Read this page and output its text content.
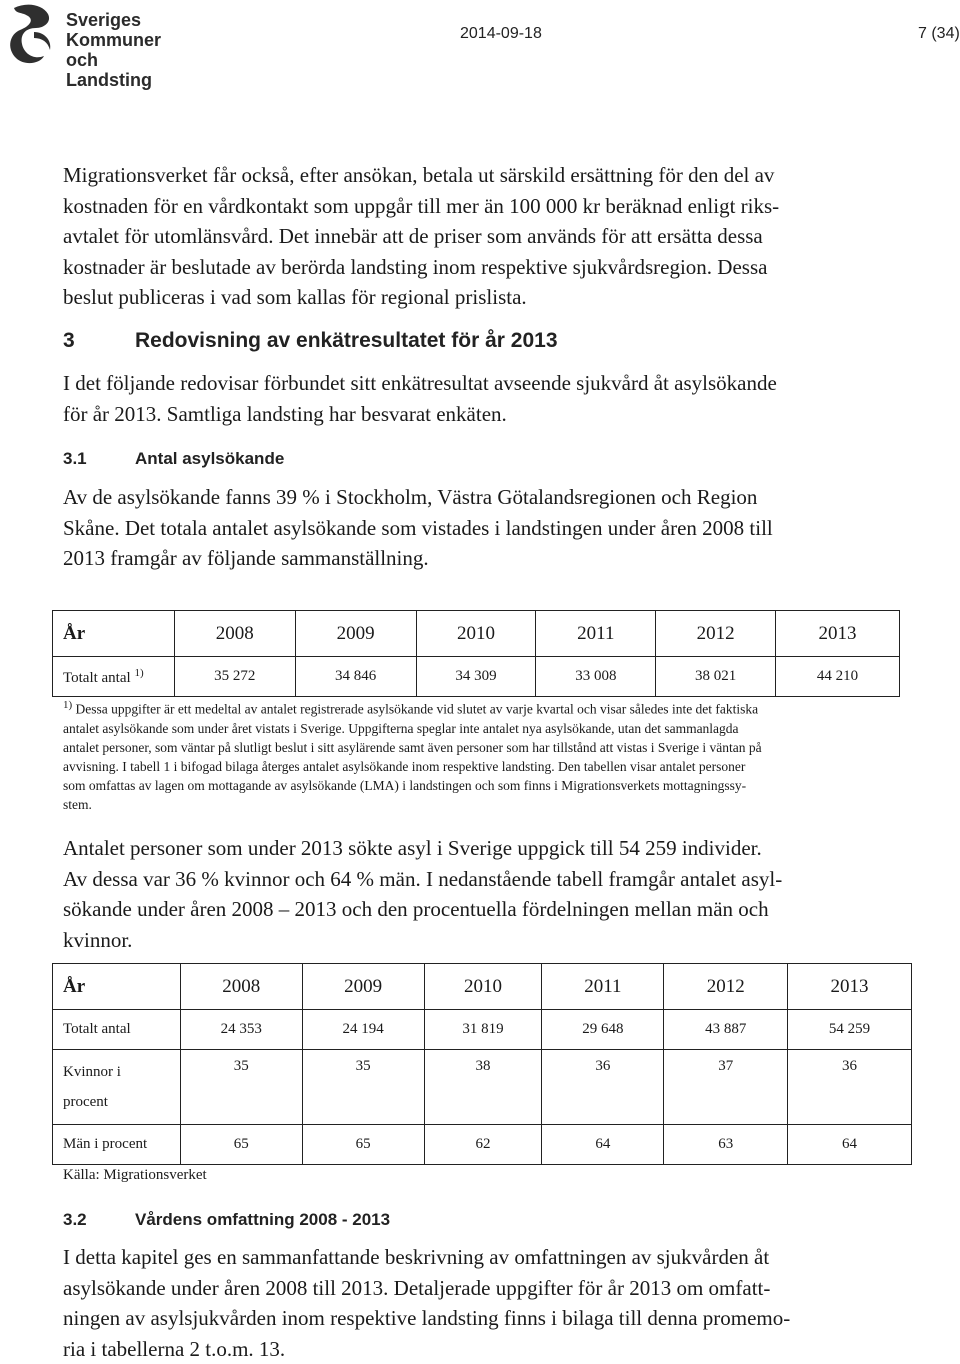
Sveriges
Kommuner
och Landsting
2014-09-18	7 (34)
Migrationsverket får också, efter ansökan, betala ut särskild ersättning för den del av
kostnaden för en vårdkontakt som uppgår till mer än 100 000 kr beräknad enligt riks-
avtalet för utomlänsvård. Det innebär att de priser som används för att ersätta dessa
kostnader är beslutade av berörda landsting inom respektive sjukvårdsregion. Dessa
beslut publiceras i vad som kallas för regional prislista.
3	Redovisning av enkätresultatet för år 2013
I det följande redovisar förbundet sitt enkätresultat avseende sjukvård åt asylsökande
för år 2013. Samtliga landsting har besvarat enkäten.
3.1	Antal asylsökande
Av de asylsökande fanns 39 % i Stockholm, Västra Götalandsregionen och Region
Skåne. Det totala antalet asylsökande som vistades i landstingen under åren 2008 till
2013 framgår av följande sammanställning.
År	2008	2009	2010	2011	2012	2013
Totalt antal $^{1)}$	35 272	34 846	34 309	33 008	38 021	44 210
$^{1)}$ Dessa uppgifter är ett medeltal av antalet registrerade asylsökande vid slutet av varje kvartal och visar således inte det faktiska
antalet asylsökande som under året vistats i Sverige. Uppgifterna speglar inte antalet nya asylsökande, utan det sammanlagda
antalet personer, som väntar på slutligt beslut i sitt asylärende samt även personer som har tillstånd att vistas i Sverige i väntan på
avvisning. I tabell 1 i bifogad bilaga återges antalet asylsökande inom respektive landsting. Den tabellen visar antalet personer
som omfattas av lagen om mottagande av asylsökande (LMA) i landstingen och som finns i Migrationsverkets mottagningssy-
stem.
Antalet personer som under 2013 sökte asyl i Sverige uppgick till 54 259 individer.
Av dessa var 36 % kvinnor och 64 % män. I nedanstående tabell framgår antalet asyl-
sökande under åren 2008 – 2013 och den procentuella fördelningen mellan män och
kvinnor.
År	2008	2009	2010	2011	2012	2013
Totalt antal	24 353	24 194	31 819	29 648	43 887	54 259
Kvinnor i
procent	35	35	38	36	37	36
Män i procent	65	65	62	64	63	64
Källa: Migrationsverket
3.2	Vårdens omfattning 2008 - 2013
I detta kapitel ges en sammanfattande beskrivning av omfattningen av sjukvården åt
asylsökande under åren 2008 till 2013. Detaljerade uppgifter för år 2013 om omfatt-
ningen av asylsjukvården inom respektive landsting finns i bilaga till denna promemo-
ria i tabellerna 2 t.o.m. 13.
